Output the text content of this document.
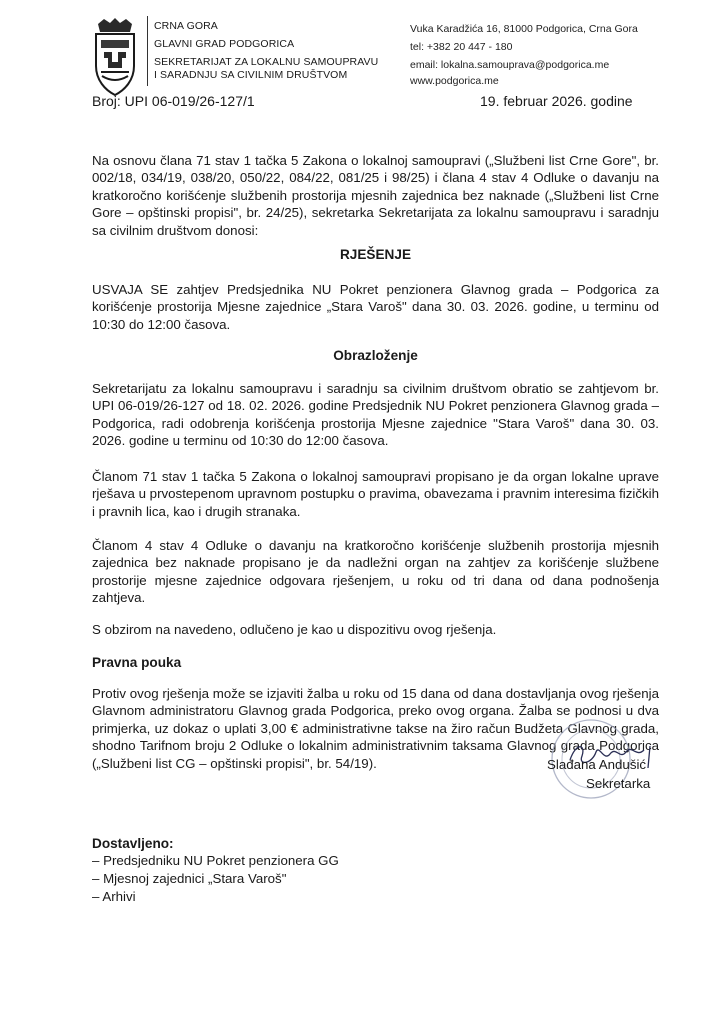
CRNA GORA
GLAVNI GRAD PODGORICA
SEKRETARIJAT ZA LOKALNU SAMOUPRAVU
I SARADNJU SA CIVILNIM DRUŠTVOM
Vuka Karadžića 16, 81000 Podgorica, Crna Gora
tel: +382 20 447 - 180
email: lokalna.samouprava@podgorica.me
www.podgorica.me
Broj: UPI 06-019/26-127/1	19. februar 2026. godine

Na osnovu člana 71 stav 1 tačka 5 Zakona o lokalnoj samoupravi („Službeni list Crne Gore", br. 002/18, 034/19, 038/20, 050/22, 084/22, 081/25 i 98/25) i člana 4 stav 4 Odluke o davanju na kratkoročno korišćenje službenih prostorija mjesnih zajednica bez naknade („Službeni list Crne Gore – opštinski propisi", br. 24/25), sekretarka Sekretarijata za lokalnu samoupravu i saradnju sa civilnim društvom donosi:

RJEŠENJE

USVAJA SE zahtjev Predsjednika NU Pokret penzionera Glavnog grada – Podgorica za korišćenje prostorija Mjesne zajednice „Stara Varoš" dana 30. 03. 2026. godine, u terminu od 10:30 do 12:00 časova.

Obrazloženje

Sekretarijatu za lokalnu samoupravu i saradnju sa civilnim društvom obratio se zahtjevom br. UPI 06-019/26-127 od 18. 02. 2026. godine Predsjednik NU Pokret penzionera Glavnog grada – Podgorica, radi odobrenja korišćenja prostorija Mjesne zajednice "Stara Varoš" dana 30. 03. 2026. godine u terminu od 10:30 do 12:00 časova.

Članom 71 stav 1 tačka 5 Zakona o lokalnoj samoupravi propisano je da organ lokalne uprave rješava u prvostepenom upravnom postupku o pravima, obavezama i pravnim interesima fizičkih i pravnih lica, kao i drugih stranaka.

Članom 4 stav 4 Odluke o davanju na kratkoročno korišćenje službenih prostorija mjesnih zajednica bez naknade propisano je da nadležni organ na zahtjev za korišćenje službene prostorije mjesne zajednice odgovara rješenjem, u roku od tri dana od dana podnošenja zahtjeva.

S obzirom na navedeno, odlučeno je kao u dispozitivu ovog rješenja.

Pravna pouka

Protiv ovog rješenja može se izjaviti žalba u roku od 15 dana od dana dostavljanja ovog rješenja Glavnom administratoru Glavnog grada Podgorica, preko ovog organa. Žalba se podnosi u dva primjerka, uz dokaz o uplati 3,00 € administrativne takse na žiro račun Budžeta Glavnog grada, shodno Tarifnom broju 2 Odluke o lokalnim administrativnim taksama Glavnog grada Podgorica („Službeni list CG – opštinski propisi", br. 54/19).	Slađana Andušić
Sekretarka
Dostavljeno:
– Predsjedniku NU Pokret penzionera GG
– Mjesnoj zajednici „Stara Varoš"
– Arhivi
